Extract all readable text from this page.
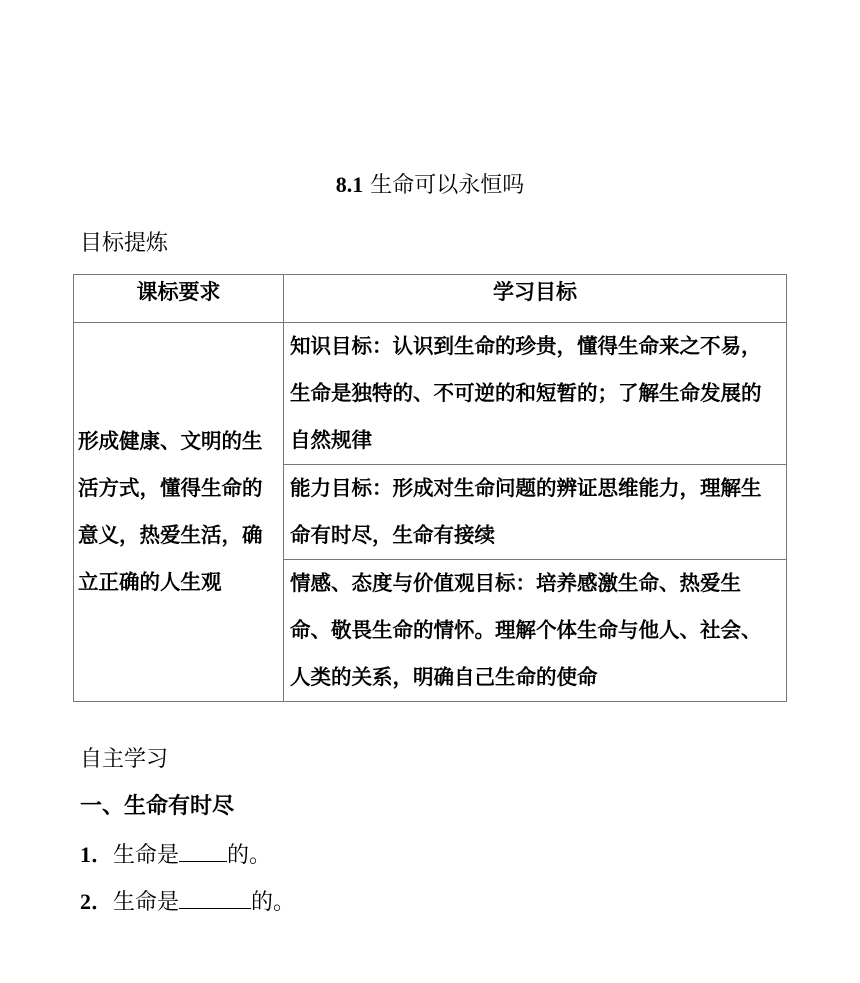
8.1 生命可以永恒吗
目标提炼
课标要求	学习目标
形成健康、文明的生活方式，懂得生命的意义，热爱生活，确立正确的人生观	知识目标：认识到生命的珍贵，懂得生命来之不易，生命是独特的、不可逆的和短暂的；了解生命发展的自然规律
	能力目标：形成对生命问题的辨证思维能力，理解生命有时尽，生命有接续
	情感、态度与价值观目标：培养感激生命、热爱生命、敬畏生命的情怀。理解个体生命与他人、社会、人类的关系，明确自己生命的使命
自主学习
一、生命有时尽
1．生命是 的。
2．生命是	的。
